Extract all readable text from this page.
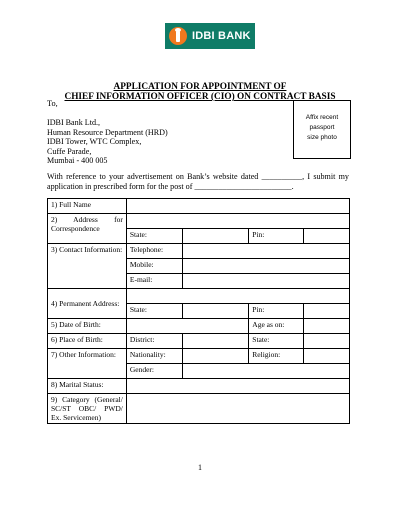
IDBI BANK
APPLICATION FOR APPOINTMENT OF
CHIEF INFORMATION OFFICER (CIO) ON CONTRACT BASIS
To,
IDBI Bank Ltd.,
Human Resource Department (HRD)
IDBI Tower, WTC Complex,
Cuffe Parade,
Mumbai - 400 005
Affix recent
passport
size photo
With reference to your advertisement on Bank’s website dated __________, I submit my
application in prescribed form for the post of ________________________.
1) Full Name				
2) Address for Correspondence				
	State:		Pin:	
3) Contact Information:	Telephone:			
	Mobile:			
	E-mail:			
4) Permanent Address:				
	State:		Pin:	
5) Date of Birth:			Age as on:	
6) Place of Birth:	District:		State:	
7) Other Information:	Nationality:		Religion:	
	Gender:			
8) Marital Status:				
9) Category (General/ SC/ST OBC/ PWD/ Ex. Servicemen)				
1
